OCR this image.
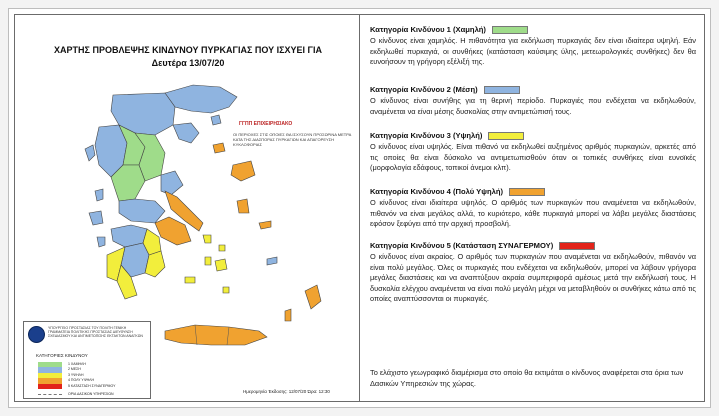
ΧΑΡΤΗΣ ΠΡΟΒΛΕΨΗΣ ΚΙΝΔΥΝΟΥ ΠΥΡΚΑΓΙΑΣ ΠΟΥ ΙΣΧΥΕΙ ΓΙΑ
Δευτέρα 13/07/20
ΓΓΠΠ ΕΠΙΧΕΙΡΗΣΙΑΚΟ
ΟΙ ΠΕΡΙΟΧΕΣ ΣΤΙΣ ΟΠΟΙΕΣ ΘΑ ΙΣΧΥΣΟΥΝ ΠΡΟΣΩΡΙΝΑ ΜΕΤΡΑ ΚΑΤΑ ΤΗΣ ΔΙΑΣΠΟΡΑΣ ΠΥΡΚΑΓΙΩΝ ΚΑΙ ΑΠΑΓΟΡΕΥΣΗ ΚΥΚΛΟΦΟΡΙΑΣ
ΥΠΟΥΡΓΕΙΟ ΠΡΟΣΤΑΣΙΑΣ ΤΟΥ ΠΟΛΙΤΗ ΓΕΝΙΚΗ ΓΡΑΜΜΑΤΕΙΑ ΠΟΛΙΤΙΚΗΣ ΠΡΟΣΤΑΣΙΑΣ ΔΙΕΥΘΥΝΣΗ ΣΧΕΔΙΑΣΜΟΥ ΚΑΙ ΑΝΤΙΜΕΤΩΠΙΣΗΣ ΕΚΤΑΚΤΩΝ ΑΝΑΓΚΩΝ
ΚΑΤΗΓΟΡΙΕΣ ΚΙΝΔΥΝΟΥ
1 ΧΑΜΗΛΗ
2 ΜΕΣΗ
3 ΥΨΗΛΗ
4 ΠΟΛΥ ΥΨΗΛΗ
5 ΚΑΤΑΣΤΑΣΗ ΣΥΝΑΓΕΡΜΟΥ
ΟΡΙΑ ΔΑΣΙΚΩΝ ΥΠΗΡΕΣΙΩΝ	Ημερομηνία Έκδοσης: 12/07/20 Ώρα: 12:30
Κατηγορία Κινδύνου 1 (Χαμηλή)
Ο κίνδυνος είναι χαμηλός. Η πιθανότητα για εκδήλωση πυρκαγιάς δεν είναι ιδιαίτερα υψηλή. Εάν εκδηλωθεί πυρκαγιά, οι συνθήκες (κατάσταση καύσιμης ύλης, μετεωρολογικές συνθήκες) δεν θα ευνοήσουν τη γρήγορη εξέλιξή της.
Κατηγορία Κινδύνου 2 (Μέση)
Ο κίνδυνος είναι συνήθης για τη θερινή περίοδο. Πυρκαγιές που ενδέχεται να εκδηλωθούν, αναμένεται να είναι μέσης δυσκολίας στην αντιμετώπισή τους.
Κατηγορία Κινδύνου 3 (Υψηλή)
Ο κίνδυνος είναι υψηλός. Είναι πιθανό να εκδηλωθεί αυξημένος αριθμός πυρκαγιών, αρκετές από τις οποίες θα είναι δύσκολο να αντιμετωπισθούν όταν οι τοπικές συνθήκες είναι ευνοϊκές (μορφολογία εδάφους, τοπικοί άνεμοι κλπ).
Κατηγορία Κινδύνου 4 (Πολύ Υψηλή)
Ο κίνδυνος είναι ιδιαίτερα υψηλός. Ο αριθμός των πυρκαγιών που αναμένεται να εκδηλωθούν, πιθανόν να είναι μεγάλος αλλά, το κυριότερο, κάθε πυρκαγιά μπορεί να λάβει μεγάλες διαστάσεις εφόσον ξεφύγει από την αρχική προσβολή.
Κατηγορία Κινδύνου 5 (Κατάσταση ΣΥΝΑΓΕΡΜΟΥ)
Ο κίνδυνος είναι ακραίος. Ο αριθμός των πυρκαγιών που αναμένεται να εκδηλωθούν, πιθανόν να είναι πολύ μεγάλος. Όλες οι πυρκαγιές που ενδέχεται να εκδηλωθούν, μπορεί να λάβουν γρήγορα μεγάλες διαστάσεις και να αναπτύξουν ακραία συμπεριφορά αμέσως μετά την εκδήλωσή τους. Η δυσκολία ελέγχου αναμένεται να είναι πολύ μεγάλη μέχρι να μεταβληθούν οι συνθήκες κάτω από τις οποίες αναπτύσσονται οι πυρκαγιές.
Το ελάχιστο γεωγραφικό διαμέρισμα στο οποίο θα εκτιμάται ο κίνδυνος αναφέρεται στα όρια των Δασικών Υπηρεσιών της χώρας.
